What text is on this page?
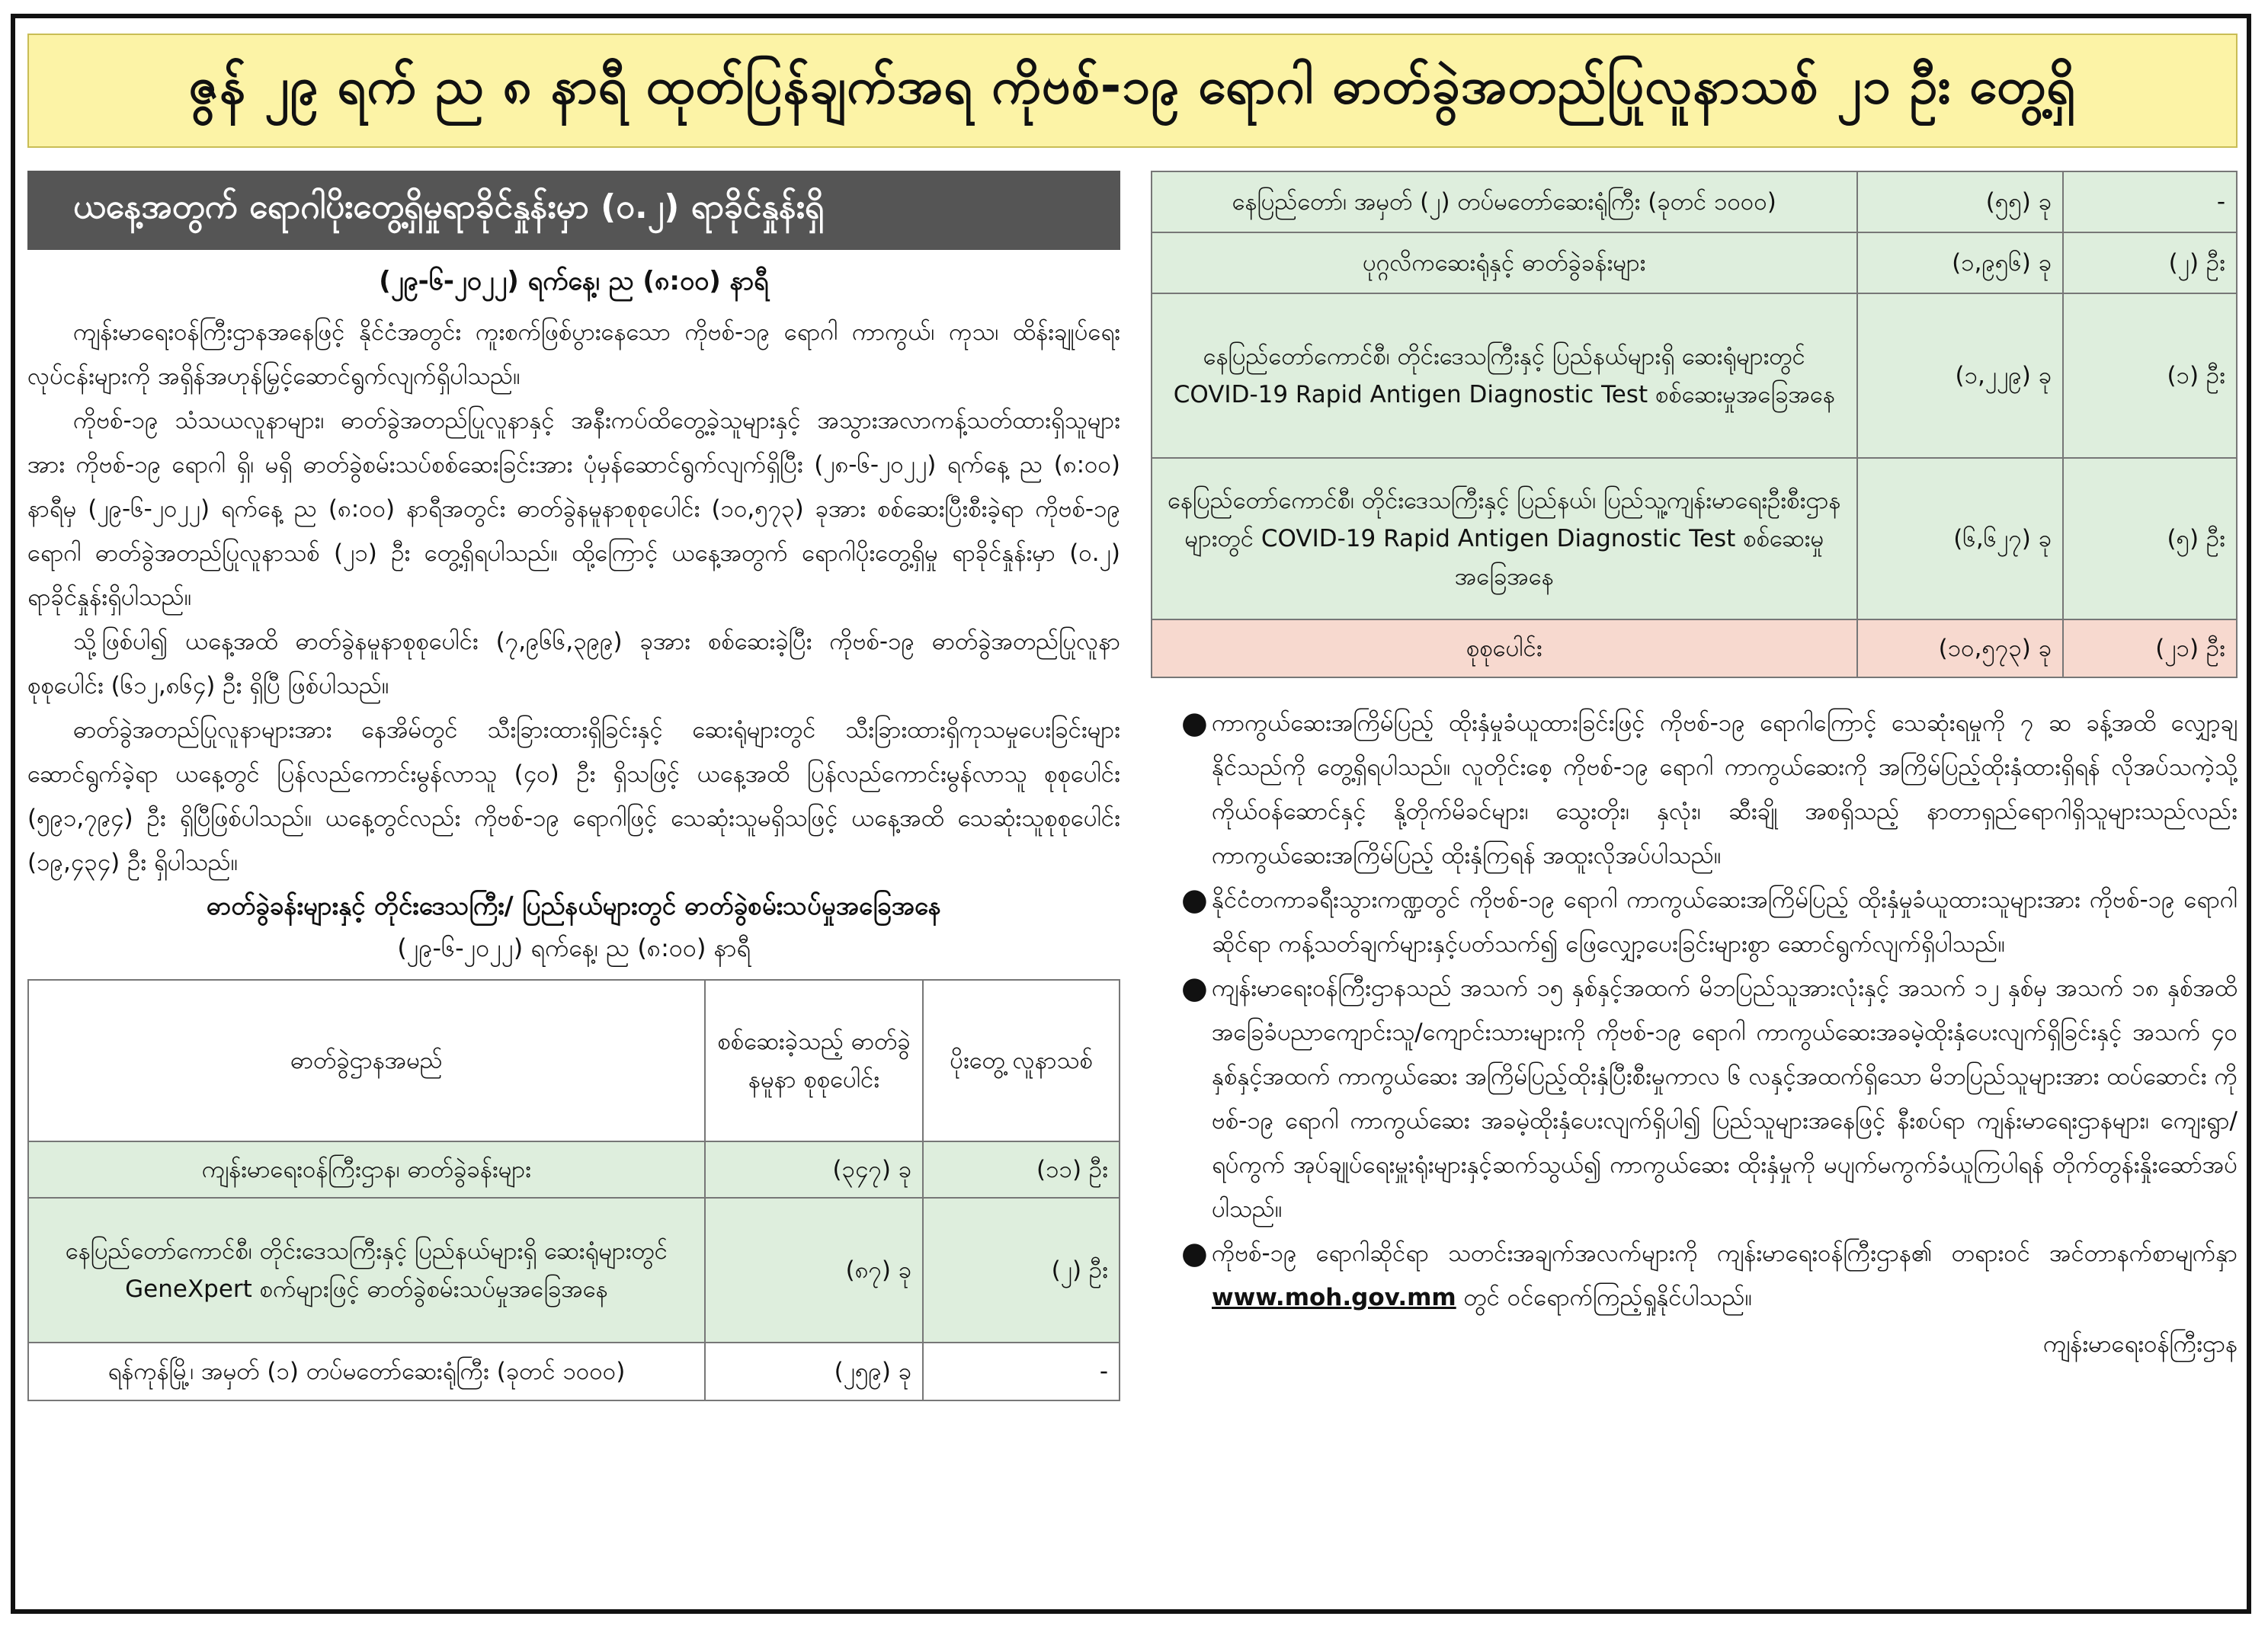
ဇွန် ၂၉ ရက် ည ၈ နာရီ ထုတ်ပြန်ချက်အရ ကိုဗစ်-၁၉ ရောဂါ ဓာတ်ခွဲအတည်ပြုလူနာသစ် ၂၁ ဦး တွေ့ရှိ
ယနေ့အတွက် ရောဂါပိုးတွေ့ရှိမှုရာခိုင်နှုန်းမှာ (၀.၂) ရာခိုင်နှုန်းရှိ
(၂၉-၆-၂၀၂၂) ရက်နေ့၊ ည (၈:၀၀) နာရီ

ကျန်းမာရေးဝန်ကြီးဌာနအနေဖြင့် နိုင်ငံအတွင်း ကူးစက်ဖြစ်ပွားနေသော ကိုဗစ်-၁၉ ရောဂါ ကာကွယ်၊ ကုသ၊ ထိန်းချုပ်ရေးလုပ်ငန်းများကို အရှိန်အဟုန်မြှင့်ဆောင်ရွက်လျက်ရှိပါသည်။

ကိုဗစ်-၁၉ သံသယလူနာများ၊ ဓာတ်ခွဲအတည်ပြုလူနာနှင့် အနီးကပ်ထိတွေ့ခဲ့သူများနှင့် အသွားအလာကန့်သတ်ထားရှိသူများအား ကိုဗစ်-၁၉ ရောဂါ ရှိ၊ မရှိ ဓာတ်ခွဲစမ်းသပ်စစ်ဆေးခြင်းအား ပုံမှန်ဆောင်ရွက်လျက်ရှိပြီး (၂၈-၆-၂၀၂၂) ရက်နေ့ ည (၈:၀၀) နာရီမှ (၂၉-၆-၂၀၂၂) ရက်နေ့ ည (၈:၀၀) နာရီအတွင်း ဓာတ်ခွဲနမူနာစုစုပေါင်း (၁၀,၅၇၃) ခုအား စစ်ဆေးပြီးစီးခဲ့ရာ ကိုဗစ်-၁၉ ရောဂါ ဓာတ်ခွဲအတည်ပြုလူနာသစ် (၂၁) ဦး တွေ့ရှိရပါသည်။ ထို့ကြောင့် ယနေ့အတွက် ရောဂါပိုးတွေ့ရှိမှု ရာခိုင်နှုန်းမှာ (၀.၂) ရာခိုင်နှုန်းရှိပါသည်။

သို့ဖြစ်ပါ၍ ယနေ့အထိ ဓာတ်ခွဲနမူနာစုစုပေါင်း (၇,၉၆၆,၃၉၉) ခုအား စစ်ဆေးခဲ့ပြီး ကိုဗစ်-၁၉ ဓာတ်ခွဲအတည်ပြုလူနာ စုစုပေါင်း (၆၁၂,၈၆၄) ဦး ရှိပြီ ဖြစ်ပါသည်။

ဓာတ်ခွဲအတည်ပြုလူနာများအား နေအိမ်တွင် သီးခြားထားရှိခြင်းနှင့် ဆေးရုံများတွင် သီးခြားထားရှိကုသမှုပေးခြင်းများဆောင်ရွက်ခဲ့ရာ ယနေ့တွင် ပြန်လည်ကောင်းမွန်လာသူ (၄၀) ဦး ရှိသဖြင့် ယနေ့အထိ ပြန်လည်ကောင်းမွန်လာသူ စုစုပေါင်း (၅၉၁,၇၉၄) ဦး ရှိပြီဖြစ်ပါသည်။ ယနေ့တွင်လည်း ကိုဗစ်-၁၉ ရောဂါဖြင့် သေဆုံးသူမရှိသဖြင့် ယနေ့အထိ သေဆုံးသူစုစုပေါင်း (၁၉,၄၃၄) ဦး ရှိပါသည်။

ဓာတ်ခွဲခန်းများနှင့် တိုင်းဒေသကြီး/ ပြည်နယ်များတွင် ဓာတ်ခွဲစမ်းသပ်မှုအခြေအနေ
(၂၉-၆-၂၀၂၂) ရက်နေ့၊ ည (၈:၀၀) နာရီ
ဓာတ်ခွဲဌာနအမည်	စစ်ဆေးခဲ့သည့် ဓာတ်ခွဲနမူနာ စုစုပေါင်း	ပိုးတွေ့ လူနာသစ်
ကျန်းမာရေးဝန်ကြီးဌာန၊ ဓာတ်ခွဲခန်းများ	(၃၄၇) ခု	(၁၁) ဦး
နေပြည်တော်ကောင်စီ၊ တိုင်းဒေသကြီးနှင့် ပြည်နယ်များရှိ ဆေးရုံများတွင် GeneXpert စက်များဖြင့် ဓာတ်ခွဲစမ်းသပ်မှုအခြေအနေ	(၈၇) ခု	(၂) ဦး
ရန်ကုန်မြို့၊ အမှတ် (၁) တပ်မတော်ဆေးရုံကြီး (ခုတင် ၁၀၀၀)	(၂၅၉) ခု	-
နေပြည်တော်၊ အမှတ် (၂) တပ်မတော်ဆေးရုံကြီး (ခုတင် ၁၀၀၀)	(၅၅) ခု	-
ပုဂ္ဂလိကဆေးရုံနှင့် ဓာတ်ခွဲခန်းများ	(၁,၉၅၆) ခု	(၂) ဦး
နေပြည်တော်ကောင်စီ၊ တိုင်းဒေသကြီးနှင့် ပြည်နယ်များရှိ ဆေးရုံများတွင် COVID-19 Rapid Antigen Diagnostic Test စစ်ဆေးမှုအခြေအနေ	(၁,၂၂၉) ခု	(၁) ဦး
နေပြည်တော်ကောင်စီ၊ တိုင်းဒေသကြီးနှင့် ပြည်နယ်၊ ပြည်သူ့ကျန်းမာရေးဦးစီးဌာနများတွင် COVID-19 Rapid Antigen Diagnostic Test စစ်ဆေးမှုအခြေအနေ	(၆,၆၂၇) ခု	(၅) ဦး
စုစုပေါင်း	(၁၀,၅၇၃) ခု	(၂၁) ဦး
● ကာကွယ်ဆေးအကြိမ်ပြည့် ထိုးနှံမှုခံယူထားခြင်းဖြင့် ကိုဗစ်-၁၉ ရောဂါကြောင့် သေဆုံးရမှုကို ၇ ဆ ခန့်အထိ လျှော့ချနိုင်သည်ကို တွေ့ရှိရပါသည်။ လူတိုင်းစေ့ ကိုဗစ်-၁၉ ရောဂါ ကာကွယ်ဆေးကို အကြိမ်ပြည့်ထိုးနှံထားရှိရန် လိုအပ်သကဲ့သို့ ကိုယ်ဝန်ဆောင်နှင့် နို့တိုက်မိခင်များ၊ သွေးတိုး၊ နှလုံး၊ ဆီးချို အစရှိသည့် နာတာရှည်ရောဂါရှိသူများသည်လည်း ကာကွယ်ဆေးအကြိမ်ပြည့် ထိုးနှံကြရန် အထူးလိုအပ်ပါသည်။
● နိုင်ငံတကာခရီးသွားကဏ္ဍတွင် ကိုဗစ်-၁၉ ရောဂါ ကာကွယ်ဆေးအကြိမ်ပြည့် ထိုးနှံမှုခံယူထားသူများအား ကိုဗစ်-၁၉ ရောဂါဆိုင်ရာ ကန့်သတ်ချက်များနှင့်ပတ်သက်၍ ဖြေလျှော့ပေးခြင်းများစွာ ဆောင်ရွက်လျက်ရှိပါသည်။
● ကျန်းမာရေးဝန်ကြီးဌာနသည် အသက် ၁၅ နှစ်နှင့်အထက် မိဘပြည်သူအားလုံးနှင့် အသက် ၁၂ နှစ်မှ အသက် ၁၈ နှစ်အထိ အခြေခံပညာကျောင်းသူ/ကျောင်းသားများကို ကိုဗစ်-၁၉ ရောဂါ ကာကွယ်ဆေးအခမဲ့ထိုးနှံပေးလျက်ရှိခြင်းနှင့် အသက် ၄၀ နှစ်နှင့်အထက် ကာကွယ်ဆေး အကြိမ်ပြည့်ထိုးနှံပြီးစီးမှုကာလ ၆ လနှင့်အထက်ရှိသော မိဘပြည်သူများအား ထပ်ဆောင်း ကိုဗစ်-၁၉ ရောဂါ ကာကွယ်ဆေး အခမဲ့ထိုးနှံပေးလျက်ရှိပါ၍ ပြည်သူများအနေဖြင့် နီးစပ်ရာ ကျန်းမာရေးဌာနများ၊ ကျေးရွာ/ရပ်ကွက် အုပ်ချုပ်ရေးမှူးရုံးများနှင့်ဆက်သွယ်၍ ကာကွယ်ဆေး ထိုးနှံမှုကို မပျက်မကွက်ခံယူကြပါရန် တိုက်တွန်းနှိုးဆော်အပ်ပါသည်။
● ကိုဗစ်-၁၉ ရောဂါဆိုင်ရာ သတင်းအချက်အလက်များကို ကျန်းမာရေးဝန်ကြီးဌာန၏ တရားဝင် အင်တာနက်စာမျက်နှာ www.moh.gov.mm တွင် ဝင်ရောက်ကြည့်ရှုနိုင်ပါသည်။
ကျန်းမာရေးဝန်ကြီးဌာန
